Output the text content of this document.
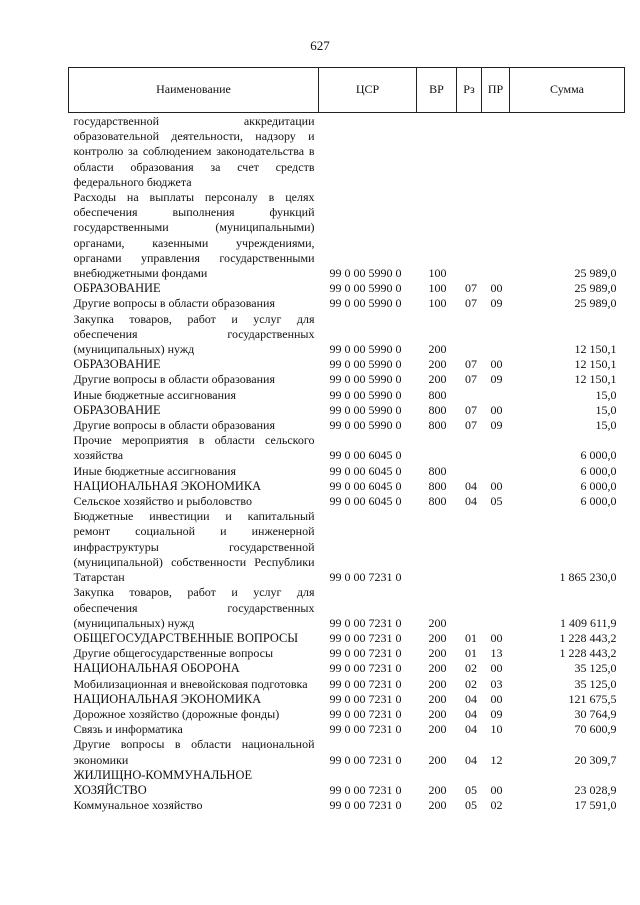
627
Наименование	ЦСР	ВР	Рз	ПР	Сумма
государственной аккредитации образовательной деятельности, надзору и контролю за соблюдением законодательства в области образования за счет средств федерального бюджета					
Расходы на выплаты персоналу в целях обеспечения выполнения функций государственными (муниципальными) органами, казенными учреждениями, органами управления государственными внебюджетными фондами	99 0 00 5990 0	100			25 989,0
ОБРАЗОВАНИЕ	99 0 00 5990 0	100	07	00	25 989,0
Другие вопросы в области образования	99 0 00 5990 0	100	07	09	25 989,0
Закупка товаров, работ и услуг для обеспечения государственных (муниципальных) нужд	99 0 00 5990 0	200			12 150,1
ОБРАЗОВАНИЕ	99 0 00 5990 0	200	07	00	12 150,1
Другие вопросы в области образования	99 0 00 5990 0	200	07	09	12 150,1
Иные бюджетные ассигнования	99 0 00 5990 0	800			15,0
ОБРАЗОВАНИЕ	99 0 00 5990 0	800	07	00	15,0
Другие вопросы в области образования	99 0 00 5990 0	800	07	09	15,0
Прочие мероприятия в области сельского хозяйства	99 0 00 6045 0				6 000,0
Иные бюджетные ассигнования	99 0 00 6045 0	800			6 000,0
НАЦИОНАЛЬНАЯ ЭКОНОМИКА	99 0 00 6045 0	800	04	00	6 000,0
Сельское хозяйство и рыболовство	99 0 00 6045 0	800	04	05	6 000,0
Бюджетные инвестиции и капитальный ремонт социальной и инженерной инфраструктуры государственной (муниципальной) собственности Республики Татарстан	99 0 00 7231 0				1 865 230,0
Закупка товаров, работ и услуг для обеспечения государственных (муниципальных) нужд	99 0 00 7231 0	200			1 409 611,9
ОБЩЕГОСУДАРСТВЕННЫЕ ВОПРОСЫ	99 0 00 7231 0	200	01	00	1 228 443,2
Другие общегосударственные вопросы	99 0 00 7231 0	200	01	13	1 228 443,2
НАЦИОНАЛЬНАЯ ОБОРОНА	99 0 00 7231 0	200	02	00	35 125,0
Мобилизационная и вневойсковая подготовка	99 0 00 7231 0	200	02	03	35 125,0
НАЦИОНАЛЬНАЯ ЭКОНОМИКА	99 0 00 7231 0	200	04	00	121 675,5
Дорожное хозяйство (дорожные фонды)	99 0 00 7231 0	200	04	09	30 764,9
Связь и информатика	99 0 00 7231 0	200	04	10	70 600,9
Другие вопросы в области национальной экономики	99 0 00 7231 0	200	04	12	20 309,7
ЖИЛИЩНО-КОММУНАЛЬНОЕ ХОЗЯЙСТВО	99 0 00 7231 0	200	05	00	23 028,9
Коммунальное хозяйство	99 0 00 7231 0	200	05	02	17 591,0
